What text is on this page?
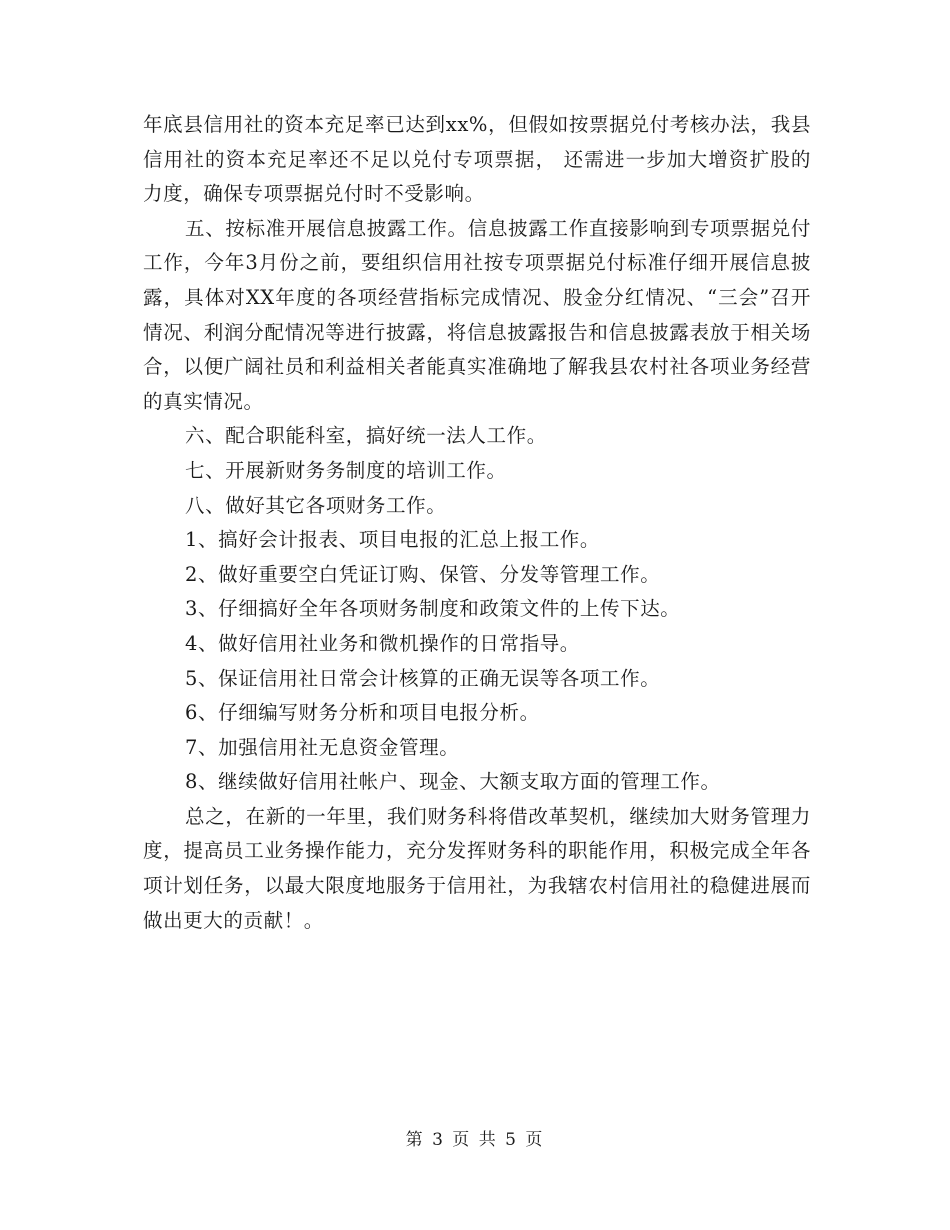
年底县信用社的资本充足率已达到xx%，但假如按票据兑付考核办法，我县信用社的资本充足率还不足以兑付专项票据， 还需进一步加大增资扩股的力度，确保专项票据兑付时不受影响。

五、按标准开展信息披露工作。信息披露工作直接影响到专项票据兑付工作，今年3月份之前，要组织信用社按专项票据兑付标准仔细开展信息披露，具体对XX年度的各项经营指标完成情况、股金分红情况、“三会”召开情况、利润分配情况等进行披露，将信息披露报告和信息披露表放于相关场合，以便广阔社员和利益相关者能真实准确地了解我县农村社各项业务经营的真实情况。

六、配合职能科室，搞好统一法人工作。

七、开展新财务务制度的培训工作。

八、做好其它各项财务工作。

1、搞好会计报表、项目电报的汇总上报工作。

2、做好重要空白凭证订购、保管、分发等管理工作。

3、仔细搞好全年各项财务制度和政策文件的上传下达。

4、做好信用社业务和微机操作的日常指导。

5、保证信用社日常会计核算的正确无误等各项工作。

6、仔细编写财务分析和项目电报分析。

7、加强信用社无息资金管理。

8、继续做好信用社帐户、现金、大额支取方面的管理工作。

总之，在新的一年里，我们财务科将借改革契机，继续加大财务管理力度，提高员工业务操作能力，充分发挥财务科的职能作用，积极完成全年各项计划任务，以最大限度地服务于信用社，为我辖农村信用社的稳健进展而做出更大的贡献！。

第 3 页 共 5 页
